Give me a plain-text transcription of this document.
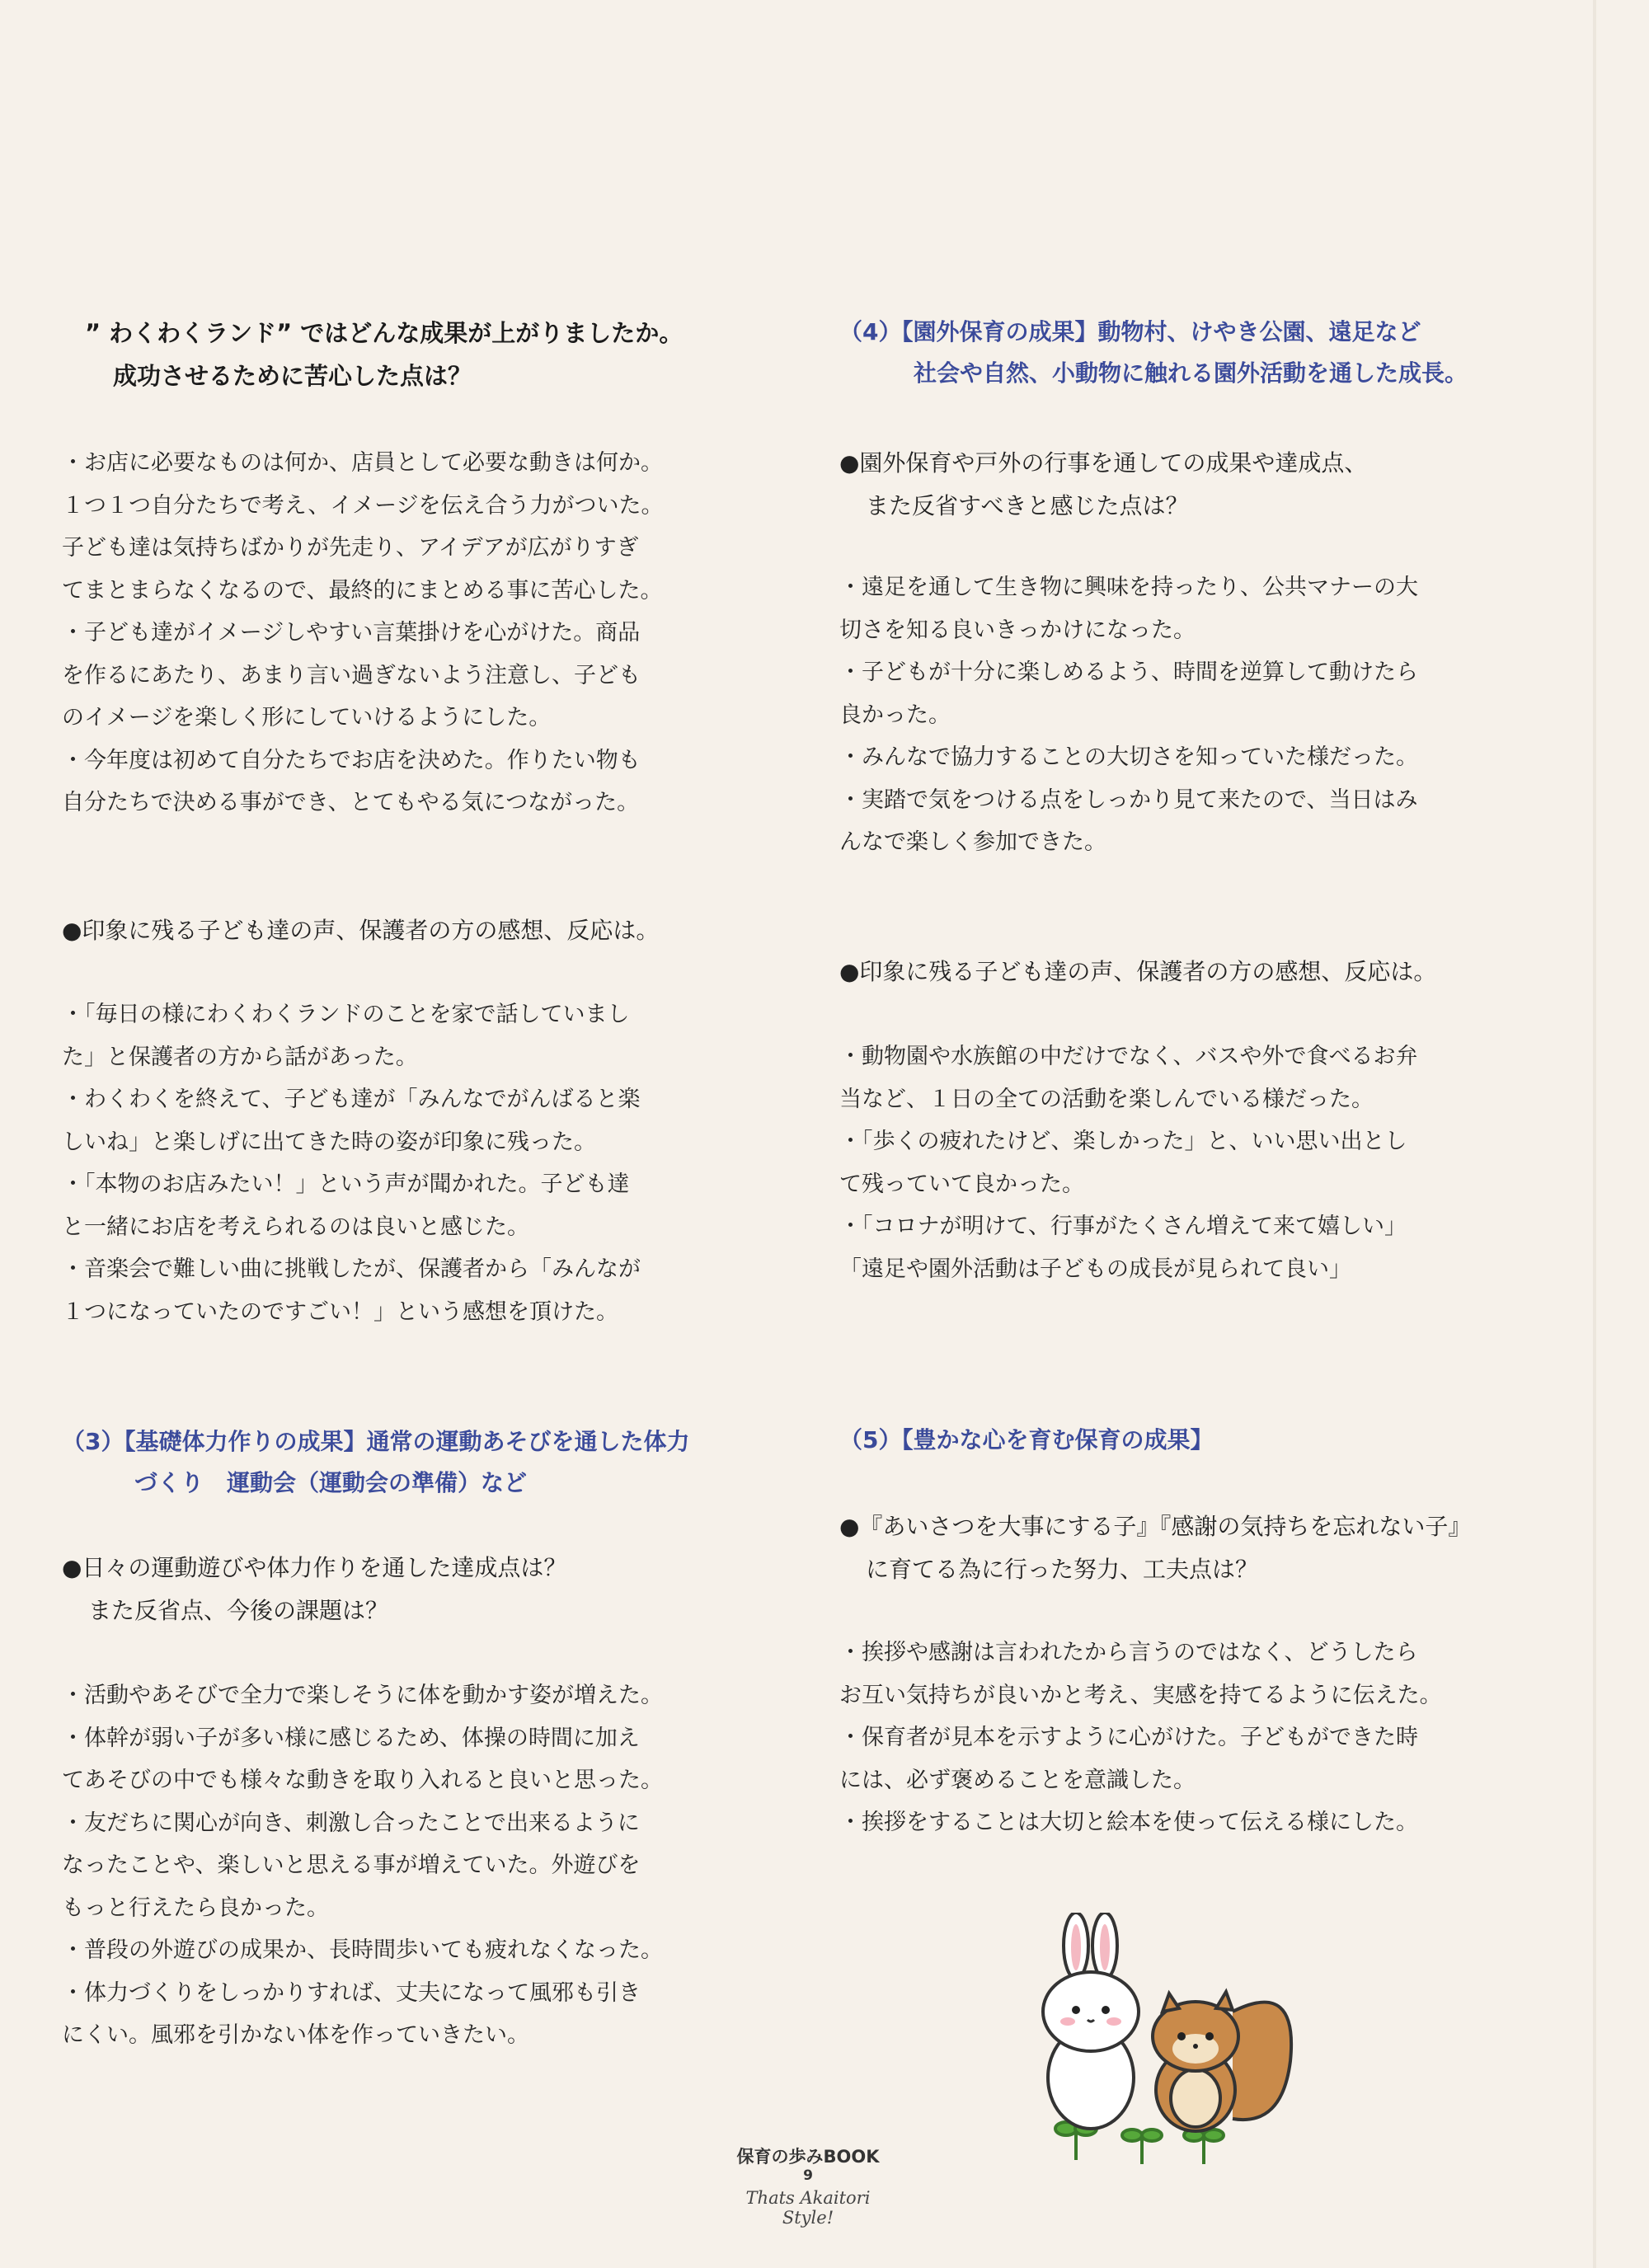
” わくわくランド” ではどんな成果が上がりましたか。
成功させるために苦心した点は？
・お店に必要なものは何か、店員として必要な動きは何か。
１つ１つ自分たちで考え、イメージを伝え合う力がついた。
子ども達は気持ちばかりが先走り、アイデアが広がりすぎ
てまとまらなくなるので、最終的にまとめる事に苦心した。
・子ども達がイメージしやすい言葉掛けを心がけた。商品
を作るにあたり、あまり言い過ぎないよう注意し、子ども
のイメージを楽しく形にしていけるようにした。
・今年度は初めて自分たちでお店を決めた。作りたい物も
自分たちで決める事ができ、とてもやる気につながった。
●印象に残る子ども達の声、保護者の方の感想、反応は。
・「毎日の様にわくわくランドのことを家で話していまし
た」と保護者の方から話があった。
・わくわくを終えて、子ども達が「みんなでがんばると楽
しいね」と楽しげに出てきた時の姿が印象に残った。
・「本物のお店みたい！」という声が聞かれた。子ども達
と一緒にお店を考えられるのは良いと感じた。
・音楽会で難しい曲に挑戦したが、保護者から「みんなが
１つになっていたのですごい！」という感想を頂けた。
（3）【基礎体力作りの成果】通常の運動あそびを通した体力
づくり　運動会（運動会の準備）など
●日々の運動遊びや体力作りを通した達成点は？
また反省点、今後の課題は？
・活動やあそびで全力で楽しそうに体を動かす姿が増えた。
・体幹が弱い子が多い様に感じるため、体操の時間に加え
てあそびの中でも様々な動きを取り入れると良いと思った。
・友だちに関心が向き、刺激し合ったことで出来るように
なったことや、楽しいと思える事が増えていた。外遊びを
もっと行えたら良かった。
・普段の外遊びの成果か、長時間歩いても疲れなくなった。
・体力づくりをしっかりすれば、丈夫になって風邪も引き
にくい。風邪を引かない体を作っていきたい。
（4）【園外保育の成果】動物村、けやき公園、遠足など
社会や自然、小動物に触れる園外活動を通した成長。
●園外保育や戸外の行事を通しての成果や達成点、
また反省すべきと感じた点は？
・遠足を通して生き物に興味を持ったり、公共マナーの大
切さを知る良いきっかけになった。
・子どもが十分に楽しめるよう、時間を逆算して動けたら
良かった。
・みんなで協力することの大切さを知っていた様だった。
・実踏で気をつける点をしっかり見て来たので、当日はみ
んなで楽しく参加できた。
●印象に残る子ども達の声、保護者の方の感想、反応は。
・動物園や水族館の中だけでなく、バスや外で食べるお弁
当など、１日の全ての活動を楽しんでいる様だった。
・「歩くの疲れたけど、楽しかった」と、いい思い出とし
て残っていて良かった。
・「コロナが明けて、行事がたくさん増えて来て嬉しい」
「遠足や園外活動は子どもの成長が見られて良い」
（5）【豊かな心を育む保育の成果】
●『あいさつを大事にする子』『感謝の気持ちを忘れない子』
に育てる為に行った努力、工夫点は？
・挨拶や感謝は言われたから言うのではなく、どうしたら
お互い気持ちが良いかと考え、実感を持てるように伝えた。
・保育者が見本を示すように心がけた。子どもができた時
には、必ず褒めることを意識した。
・挨拶をすることは大切と絵本を使って伝える様にした。
保育の歩みBOOK
9
Thats Akaitori Style!
